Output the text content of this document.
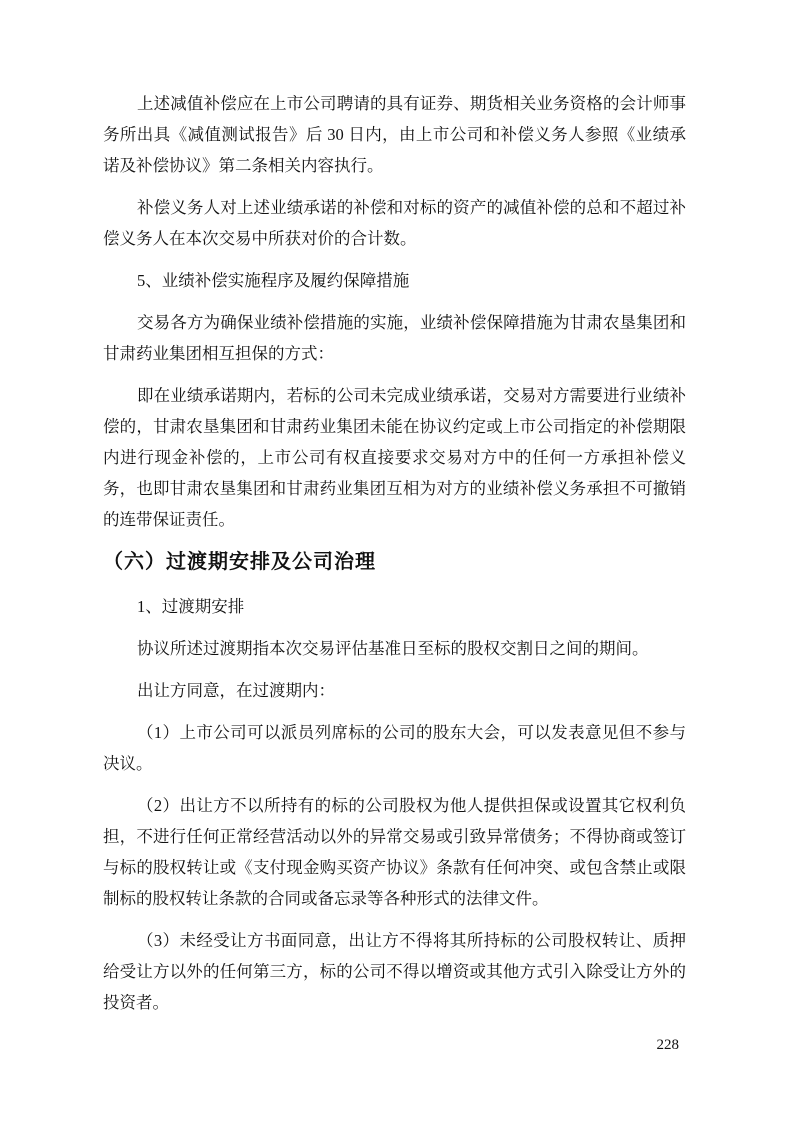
上述减值补偿应在上市公司聘请的具有证券、期货相关业务资格的会计师事务所出具《减值测试报告》后 30 日内，由上市公司和补偿义务人参照《业绩承诺及补偿协议》第二条相关内容执行。

补偿义务人对上述业绩承诺的补偿和对标的资产的减值补偿的总和不超过补偿义务人在本次交易中所获对价的合计数。

5、业绩补偿实施程序及履约保障措施

交易各方为确保业绩补偿措施的实施，业绩补偿保障措施为甘肃农垦集团和甘肃药业集团相互担保的方式：

即在业绩承诺期内，若标的公司未完成业绩承诺，交易对方需要进行业绩补偿的，甘肃农垦集团和甘肃药业集团未能在协议约定或上市公司指定的补偿期限内进行现金补偿的，上市公司有权直接要求交易对方中的任何一方承担补偿义务，也即甘肃农垦集团和甘肃药业集团互相为对方的业绩补偿义务承担不可撤销的连带保证责任。

（六）过渡期安排及公司治理

1、过渡期安排

协议所述过渡期指本次交易评估基准日至标的股权交割日之间的期间。

出让方同意，在过渡期内：

（1）上市公司可以派员列席标的公司的股东大会，可以发表意见但不参与决议。

（2）出让方不以所持有的标的公司股权为他人提供担保或设置其它权利负担，不进行任何正常经营活动以外的异常交易或引致异常债务；不得协商或签订与标的股权转让或《支付现金购买资产协议》条款有任何冲突、或包含禁止或限制标的股权转让条款的合同或备忘录等各种形式的法律文件。

（3）未经受让方书面同意，出让方不得将其所持标的公司股权转让、质押给受让方以外的任何第三方，标的公司不得以增资或其他方式引入除受让方外的投资者。

228
